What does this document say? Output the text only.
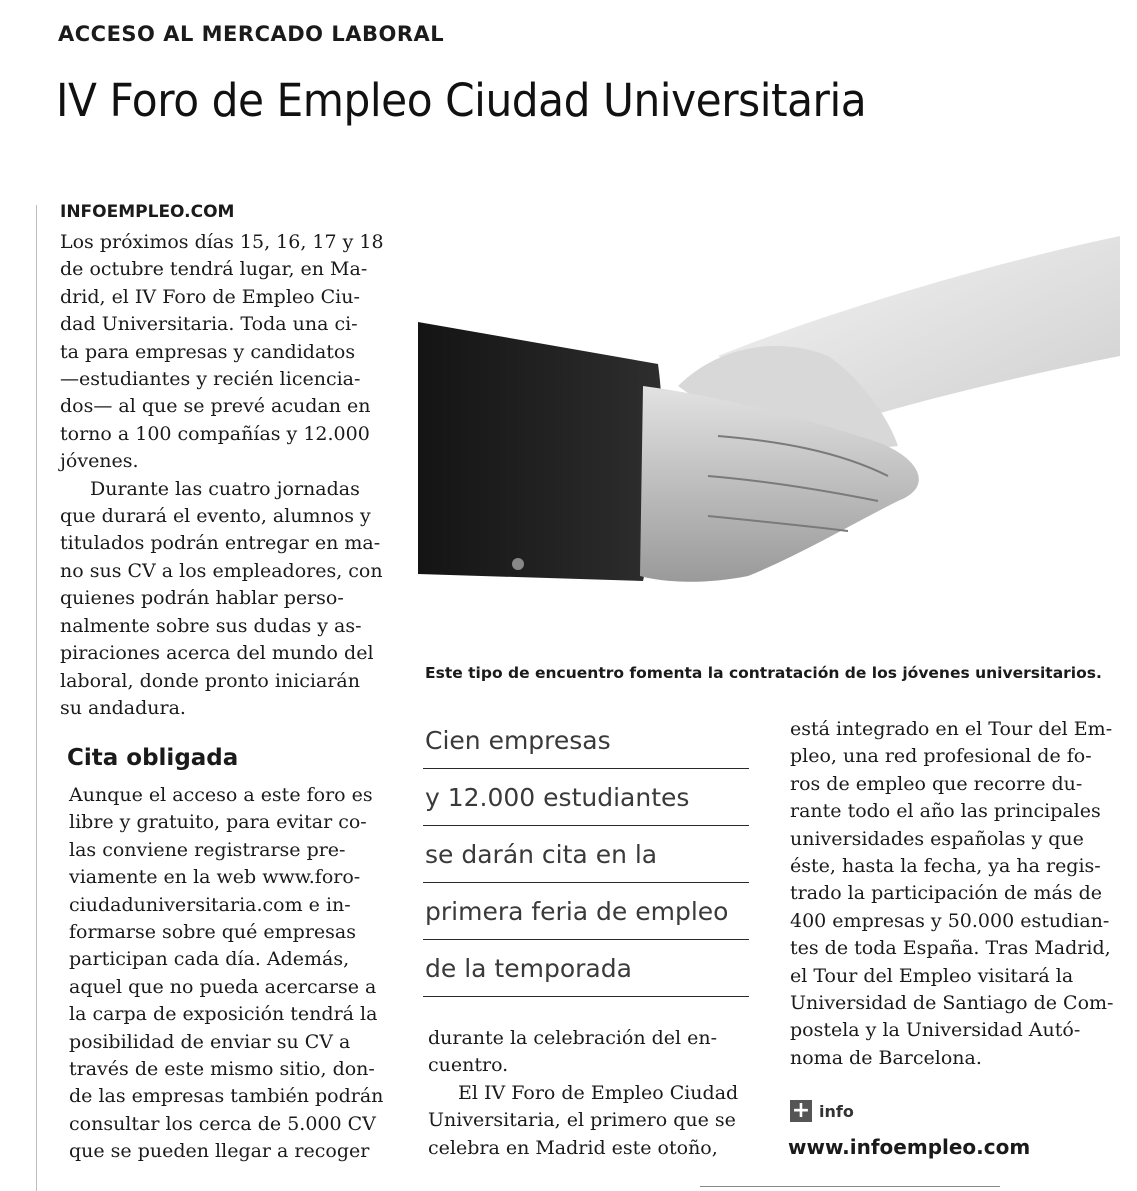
ACCESO AL MERCADO LABORAL
IV Foro de Empleo Ciudad Universitaria
INFOEMPLEO.COM

Los próximos días 15, 16, 17 y 18
de octubre tendrá lugar, en Ma-
drid, el IV Foro de Empleo Ciu-
dad Universitaria. Toda una ci-
ta para empresas y candidatos
—estudiantes y recién licencia-
dos— al que se prevé acudan en
torno a 100 compañías y 12.000
jóvenes.

Durante las cuatro jornadas
que durará el evento, alumnos y
titulados podrán entregar en ma-
no sus CV a los empleadores, con
quienes podrán hablar perso-
nalmente sobre sus dudas y as-
piraciones acerca del mundo del
laboral, donde pronto iniciarán
su andadura.

Cita obligada

Aunque el acceso a este foro es
libre y gratuito, para evitar co-
las conviene registrarse pre-
viamente en la web www.foro-
ciudaduniversitaria.com e in-
formarse sobre qué empresas
participan cada día. Además,
aquel que no pueda acercarse a
la carpa de exposición tendrá la
posibilidad de enviar su CV a
través de este mismo sitio, don-
de las empresas también podrán
consultar los cerca de 5.000 CV
que se pueden llegar a recoger

Este tipo de encuentro fomenta la contratación de los jóvenes universitarios.
Cien empresas
y 12.000 estudiantes
se darán cita en la
primera feria de empleo
de la temporada

durante la celebración del en-
cuentro.

El IV Foro de Empleo Ciudad
Universitaria, el primero que se
celebra en Madrid este otoño,

está integrado en el Tour del Em-
pleo, una red profesional de fo-
ros de empleo que recorre du-
rante todo el año las principales
universidades españolas y que
éste, hasta la fecha, ya ha regis-
trado la participación de más de
400 empresas y 50.000 estudian-
tes de toda España. Tras Madrid,
el Tour del Empleo visitará la
Universidad de Santiago de Com-
postela y la Universidad Autó-
noma de Barcelona.

+ info
www.infoempleo.com
